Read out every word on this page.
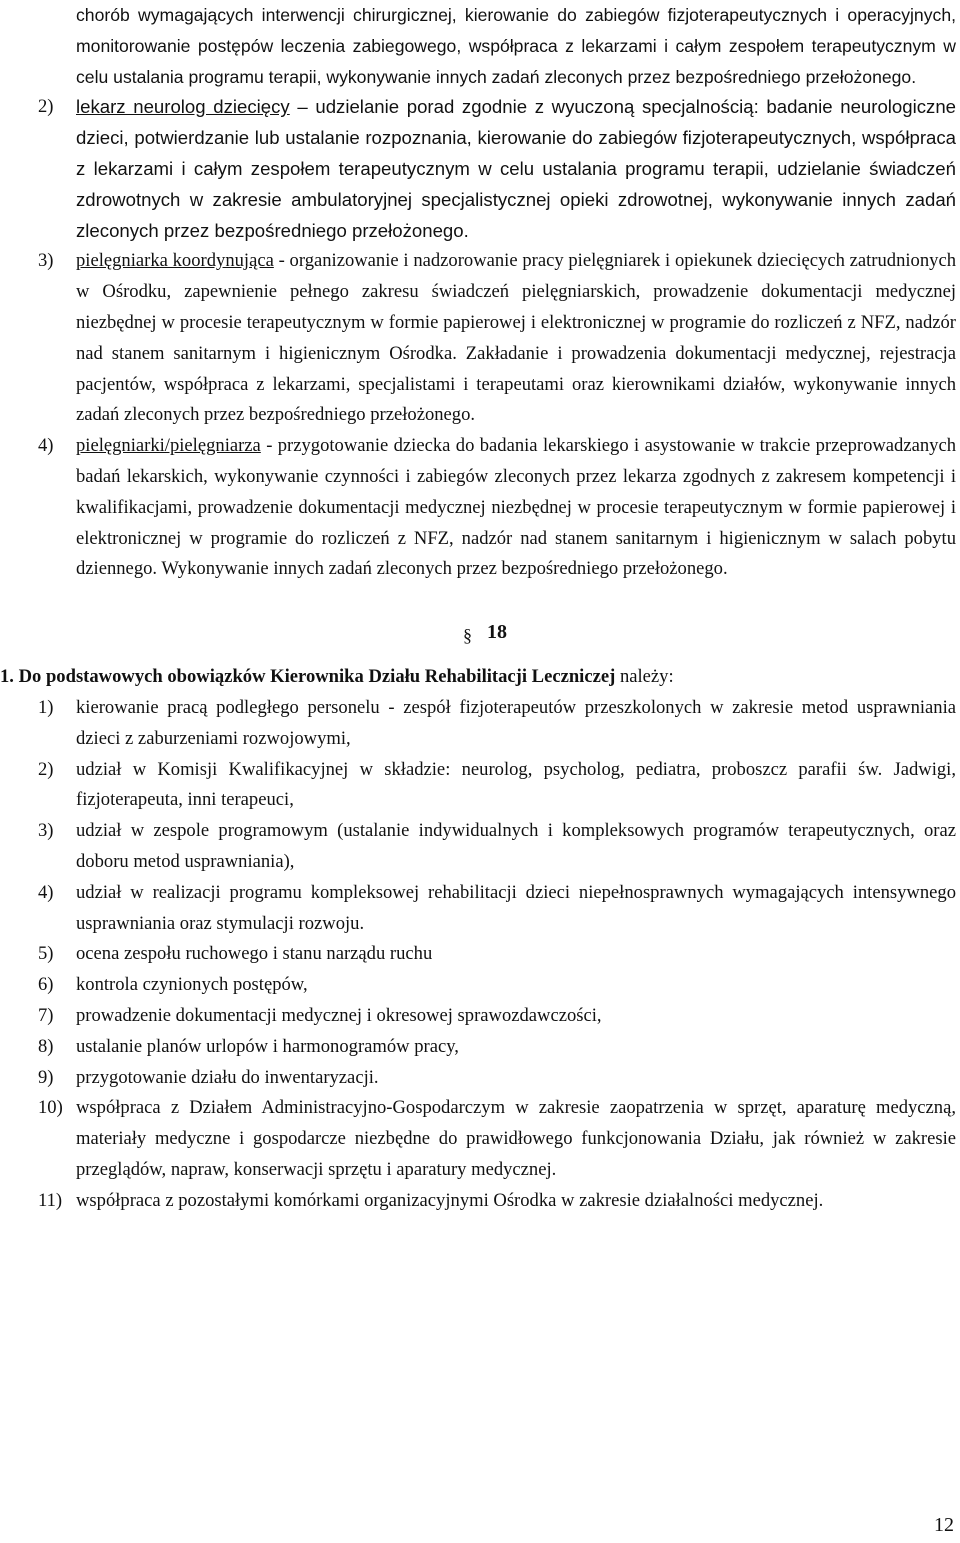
chorób wymagających interwencji chirurgicznej, kierowanie do zabiegów fizjoterapeutycznych i operacyjnych, monitorowanie postępów leczenia zabiegowego, współpraca z lekarzami i całym zespołem terapeutycznym w celu ustalania programu terapii, wykonywanie innych zadań zleconych przez bezpośredniego przełożonego.
2)	lekarz neurolog dziecięcy – udzielanie porad zgodnie z wyuczoną specjalnością: badanie neurologiczne dzieci, potwierdzanie lub ustalanie rozpoznania, kierowanie do zabiegów fizjoterapeutycznych, współpraca z lekarzami i całym zespołem terapeutycznym w celu ustalania programu terapii, udzielanie świadczeń zdrowotnych w zakresie ambulatoryjnej specjalistycznej opieki zdrowotnej, wykonywanie innych zadań zleconych przez bezpośredniego przełożonego.
3)	pielęgniarka koordynująca - organizowanie i nadzorowanie pracy pielęgniarek i opiekunek dziecięcych zatrudnionych w Ośrodku, zapewnienie pełnego zakresu świadczeń pielęgniarskich, prowadzenie dokumentacji medycznej niezbędnej w procesie terapeutycznym w formie papierowej i elektronicznej w programie do rozliczeń z NFZ, nadzór nad stanem sanitarnym i higienicznym Ośrodka. Zakładanie i prowadzenia dokumentacji medycznej, rejestracja pacjentów, współpraca z lekarzami, specjalistami i terapeutami oraz kierownikami działów, wykonywanie innych zadań zleconych przez bezpośredniego przełożonego.
4)	pielęgniarki/pielęgniarza - przygotowanie dziecka do badania lekarskiego i asystowanie w trakcie przeprowadzanych badań lekarskich, wykonywanie czynności i zabiegów zleconych przez lekarza zgodnych z zakresem kompetencji i kwalifikacjami, prowadzenie dokumentacji medycznej niezbędnej w procesie terapeutycznym w formie papierowej i elektronicznej w programie do rozliczeń z NFZ, nadzór nad stanem sanitarnym i higienicznym w salach pobytu dziennego. Wykonywanie innych zadań zleconych przez bezpośredniego przełożonego.
§ 18
1. Do podstawowych obowiązków Kierownika Działu Rehabilitacji Leczniczej należy:
1)	kierowanie pracą podległego personelu - zespół fizjoterapeutów przeszkolonych w zakresie metod usprawniania dzieci z zaburzeniami rozwojowymi,
2)	udział w Komisji Kwalifikacyjnej w składzie: neurolog, psycholog, pediatra, proboszcz parafii św. Jadwigi, fizjoterapeuta, inni terapeuci,
3)	udział w zespole programowym (ustalanie indywidualnych i kompleksowych programów terapeutycznych, oraz doboru metod usprawniania),
4)	udział w realizacji programu kompleksowej rehabilitacji dzieci niepełnosprawnych wymagających intensywnego usprawniania oraz stymulacji rozwoju.
5)	ocena zespołu ruchowego i stanu narządu ruchu
6)	kontrola czynionych postępów,
7)	prowadzenie dokumentacji medycznej i okresowej sprawozdawczości,
8)	ustalanie planów urlopów i harmonogramów pracy,
9)	przygotowanie działu do inwentaryzacji.
10) współpraca z Działem Administracyjno-Gospodarczym w zakresie zaopatrzenia w sprzęt, aparaturę medyczną, materiały medyczne i gospodarcze niezbędne do prawidłowego funkcjonowania Działu, jak również w zakresie przeglądów, napraw, konserwacji sprzętu i aparatury medycznej.
11) współpraca z pozostałymi komórkami organizacyjnymi Ośrodka w zakresie działalności medycznej.
12
